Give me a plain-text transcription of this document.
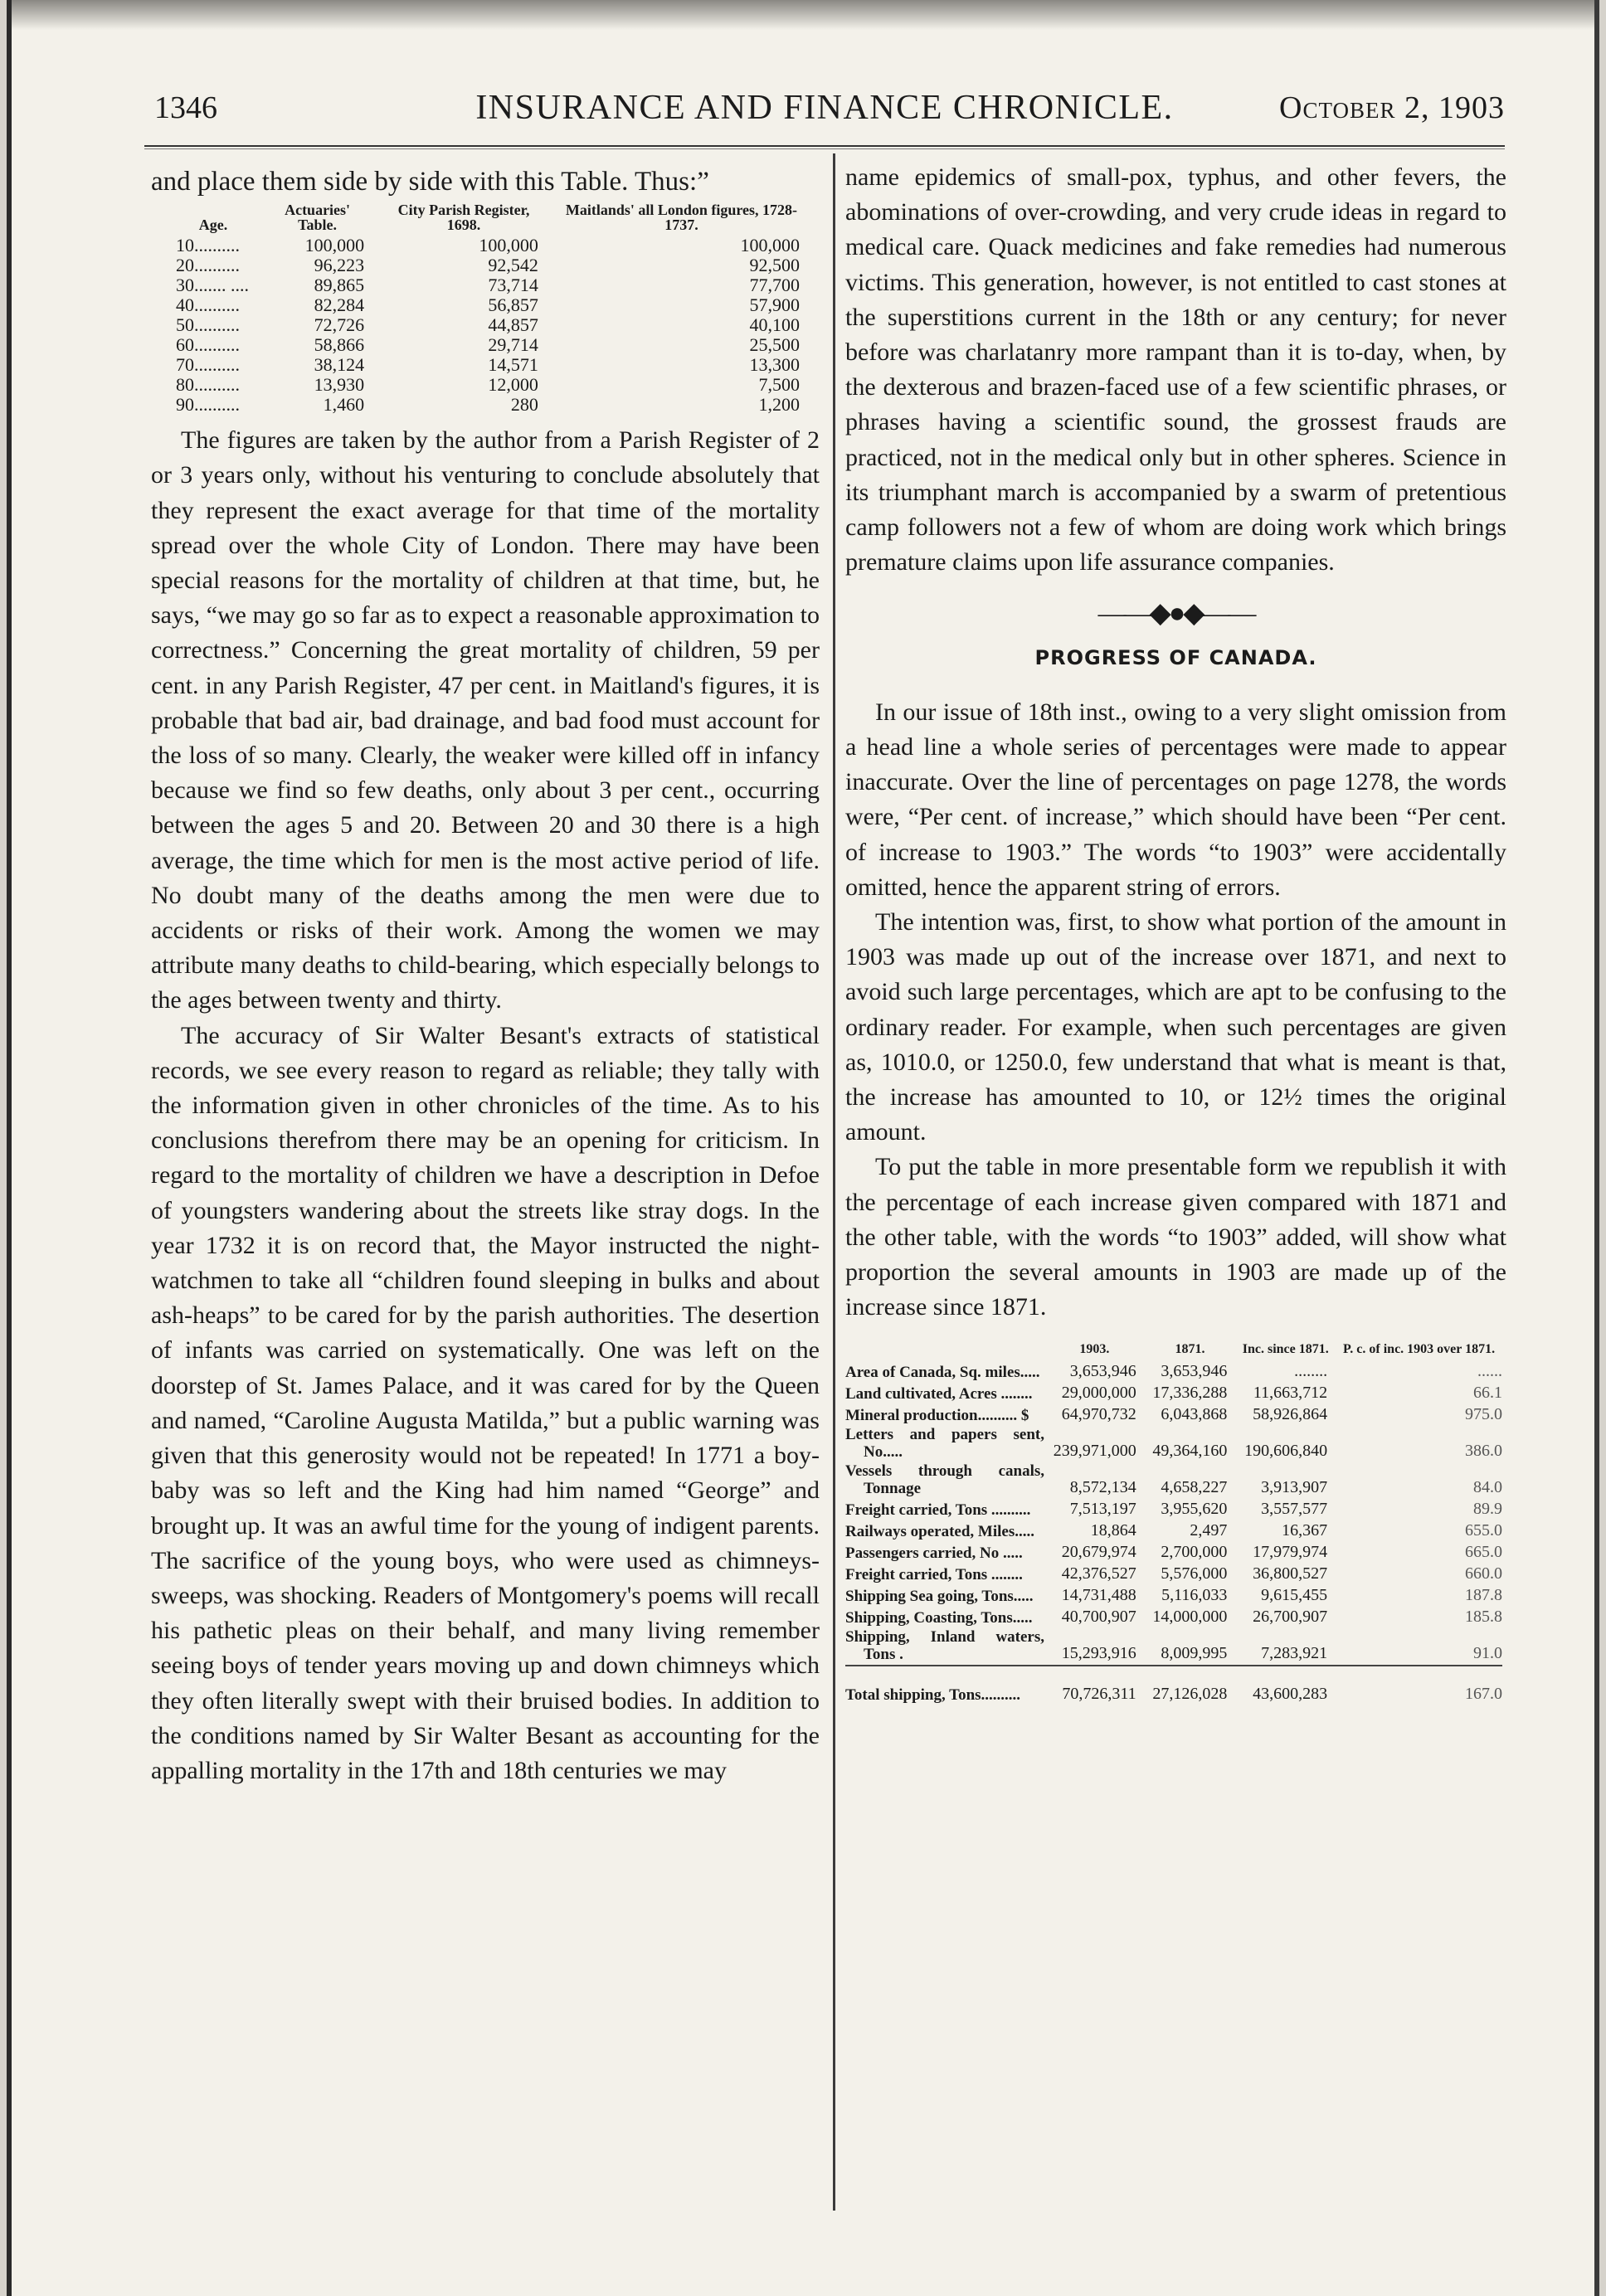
1346	INSURANCE AND FINANCE CHRONICLE.	October 2, 1903

and place them side by side with this Table. Thus:”

Age.	Actuaries' Table.	City Parish Register, 1698.	Maitlands' all London figures, 1728-1737.
10..........	100,000	100,000	100,000
20..........	96,223	92,542	92,500
30....... ....	89,865	73,714	77,700
40..........	82,284	56,857	57,900
50..........	72,726	44,857	40,100
60..........	58,866	29,714	25,500
70..........	38,124	14,571	13,300
80..........	13,930	12,000	7,500
90..........	1,460	280	1,200

The figures are taken by the author from a Parish Register of 2 or 3 years only, without his venturing to conclude absolutely that they represent the exact average for that time of the mortality spread over the whole City of London. There may have been special reasons for the mortality of children at that time, but, he says, “we may go so far as to expect a reasonable approximation to correctness.” Concerning the great mortality of children, 59 per cent. in any Parish Register, 47 per cent. in Maitland's figures, it is probable that bad air, bad drainage, and bad food must account for the loss of so many. Clearly, the weaker were killed off in infancy because we find so few deaths, only about 3 per cent., occurring between the ages 5 and 20. Between 20 and 30 there is a high average, the time which for men is the most active period of life. No doubt many of the deaths among the men were due to accidents or risks of their work. Among the women we may attribute many deaths to child-bearing, which especially belongs to the ages between twenty and thirty.

The accuracy of Sir Walter Besant's extracts of statistical records, we see every reason to regard as reliable; they tally with the information given in other chronicles of the time. As to his conclusions therefrom there may be an opening for criticism. In regard to the mortality of children we have a description in Defoe of youngsters wandering about the streets like stray dogs. In the year 1732 it is on record that, the Mayor instructed the night-watchmen to take all “children found sleeping in bulks and about ash-heaps” to be cared for by the parish authorities. The desertion of infants was carried on systematically. One was left on the doorstep of St. James Palace, and it was cared for by the Queen and named, “Caroline Augusta Matilda,” but a public warning was given that this generosity would not be repeated! In 1771 a boy-baby was so left and the King had him named “George” and brought up. It was an awful time for the young of indigent parents. The sacrifice of the young boys, who were used as chimneys-sweeps, was shocking. Readers of Montgomery's poems will recall his pathetic pleas on their behalf, and many living remember seeing boys of tender years moving up and down chimneys which they often literally swept with their bruised bodies. In addition to the conditions named by Sir Walter Besant as accounting for the appalling mortality in the 17th and 18th centuries we may

name epidemics of small-pox, typhus, and other fevers, the abominations of over-crowding, and very crude ideas in regard to medical care. Quack medicines and fake remedies had numerous victims. This generation, however, is not entitled to cast stones at the superstitions current in the 18th or any century; for never before was charlatanry more rampant than it is to-day, when, by the dexterous and brazen-faced use of a few scientific phrases, or phrases having a scientific sound, the grossest frauds are practiced, not in the medical only but in other spheres. Science in its triumphant march is accompanied by a swarm of pretentious camp followers not a few of whom are doing work which brings premature claims upon life assurance companies.

——◆●◆——
PROGRESS OF CANADA.

In our issue of 18th inst., owing to a very slight omission from a head line a whole series of percentages were made to appear inaccurate. Over the line of percentages on page 1278, the words were, “Per cent. of increase,” which should have been “Per cent. of increase to 1903.” The words “to 1903” were accidentally omitted, hence the apparent string of errors.

The intention was, first, to show what portion of the amount in 1903 was made up out of the increase over 1871, and next to avoid such large percentages, which are apt to be confusing to the ordinary reader. For example, when such percentages are given as, 1010.0, or 1250.0, few understand that what is meant is that, the increase has amounted to 10, or 12½ times the original amount.

To put the table in more presentable form we republish it with the percentage of each increase given compared with 1871 and the other table, with the words “to 1903” added, will show what proportion the several amounts in 1903 are made up of the increase since 1871.

	1903.	1871.	Inc. since 1871.	P. c. of inc. 1903 over 1871.
Area of Canada, Sq. miles.....	3,653,946	3,653,946	........	......
Land cultivated, Acres ........	29,000,000	17,336,288	11,663,712	66.1
Mineral production.......... $	64,970,732	6,043,868	58,926,864	975.0
Letters and papers sent, No.....	239,971,000	49,364,160	190,606,840	386.0
Vessels through canals, Tonnage	8,572,134	4,658,227	3,913,907	84.0
Freight carried, Tons ..........	7,513,197	3,955,620	3,557,577	89.9
Railways operated, Miles.....	18,864	2,497	16,367	655.0
Passengers carried, No .....	20,679,974	2,700,000	17,979,974	665.0
Freight carried, Tons ........	42,376,527	5,576,000	36,800,527	660.0
Shipping Sea going, Tons.....	14,731,488	5,116,033	9,615,455	187.8
Shipping, Coasting, Tons.....	40,700,907	14,000,000	26,700,907	185.8
Shipping, Inland waters, Tons .	15,293,916	8,009,995	7,283,921	91.0

Total shipping, Tons..........	70,726,311	27,126,028	43,600,283	167.0
